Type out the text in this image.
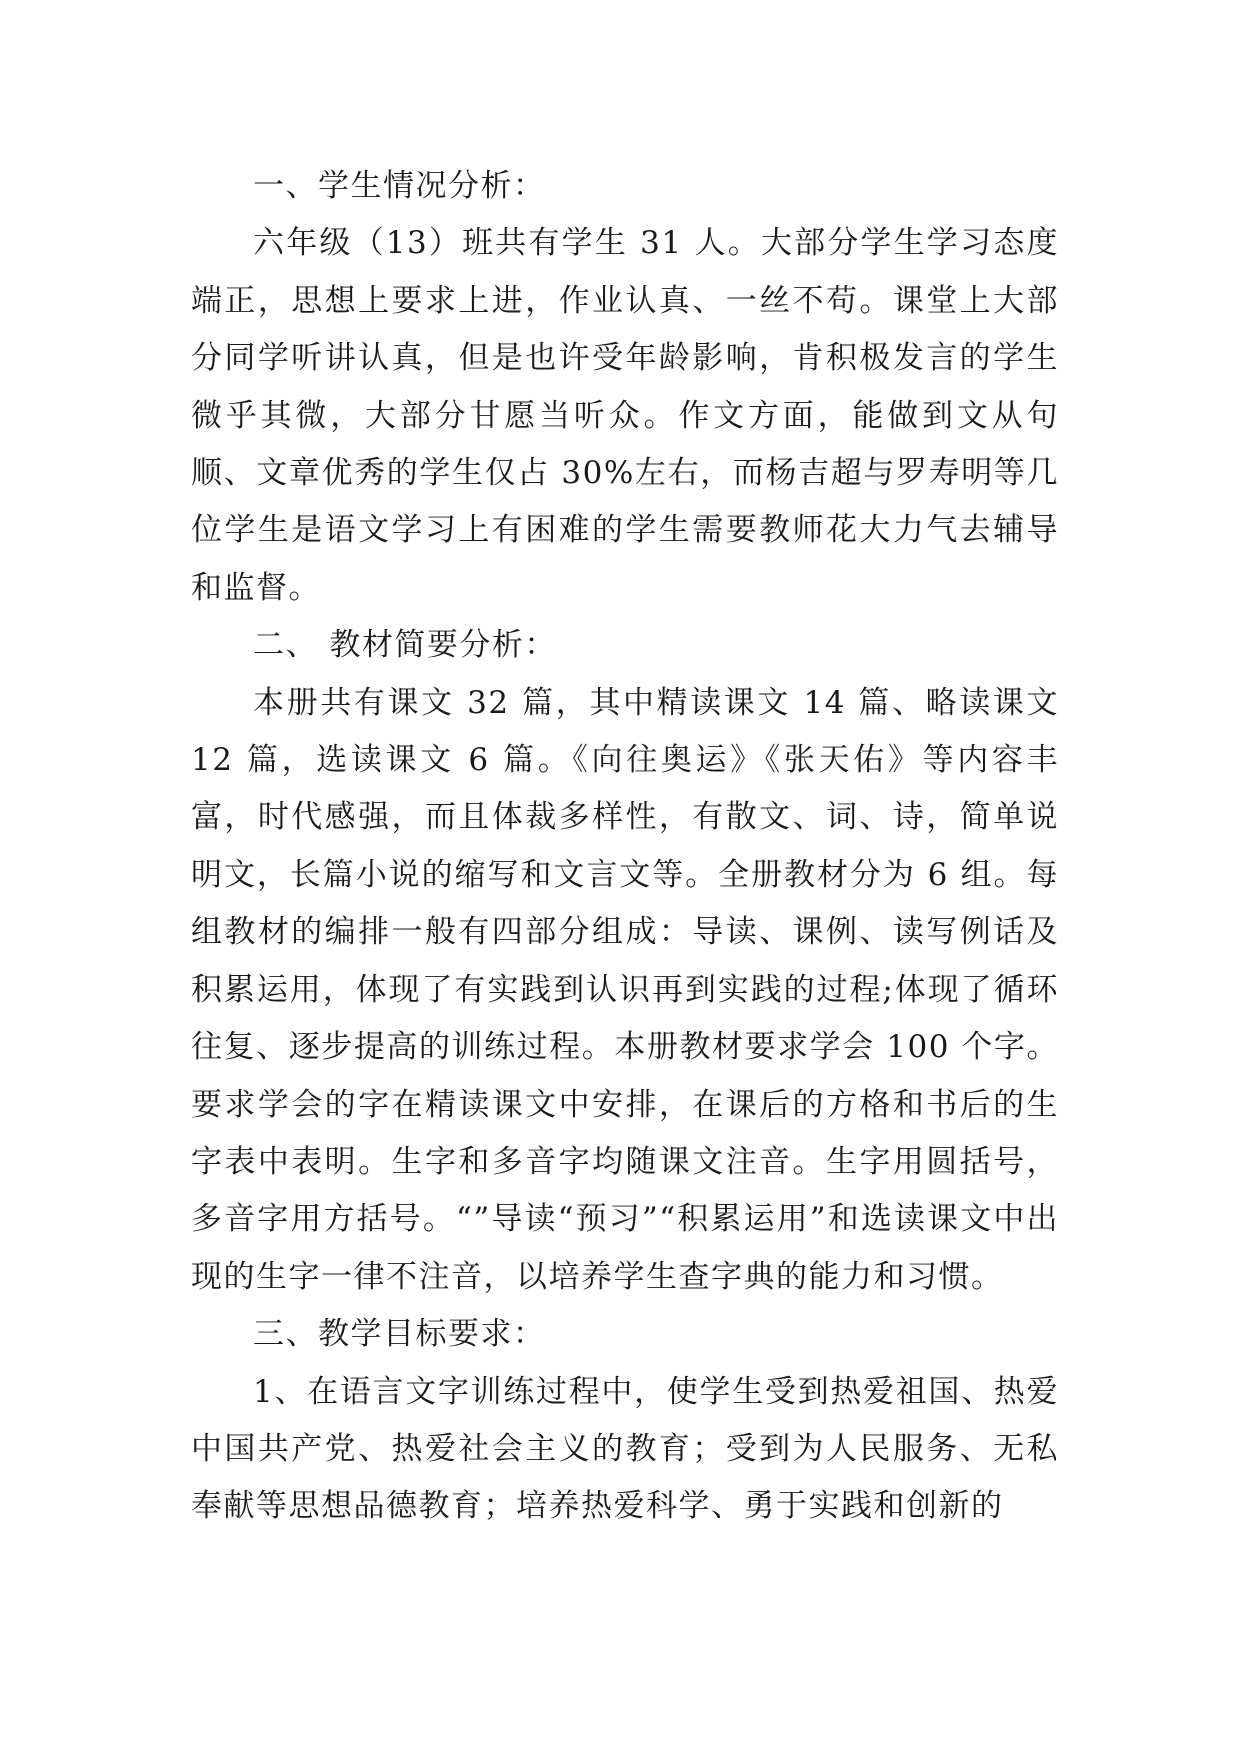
一、学生情况分析：

六年级（13）班共有学生 31 人。大部分学生学习态度端正，思想上要求上进，作业认真、一丝不苟。课堂上大部分同学听讲认真，但是也许受年龄影响，肯积极发言的学生微乎其微，大部分甘愿当听众。作文方面，能做到文从句顺、文章优秀的学生仅占 30%左右，而杨吉超与罗寿明等几位学生是语文学习上有困难的学生需要教师花大力气去辅导和监督。

二、 教材简要分析：

本册共有课文 32 篇，其中精读课文 14 篇、略读课文 12 篇，选读课文 6 篇。《向往奥运》《张天佑》等内容丰富，时代感强，而且体裁多样性，有散文、词、诗，简单说明文，长篇小说的缩写和文言文等。全册教材分为 6 组。每组教材的编排一般有四部分组成：导读、课例、读写例话及积累运用，体现了有实践到认识再到实践的过程;体现了循环往复、逐步提高的训练过程。本册教材要求学会 100 个字。要求学会的字在精读课文中安排，在课后的方格和书后的生字表中表明。生字和多音字均随课文注音。生字用圆括号，多音字用方括号。“”导读“预习”“积累运用”和选读课文中出现的生字一律不注音，以培养学生查字典的能力和习惯。

三、教学目标要求：

1、在语言文字训练过程中，使学生受到热爱祖国、热爱中国共产党、热爱社会主义的教育；受到为人民服务、无私奉献等思想品德教育；培养热爱科学、勇于实践和创新的
